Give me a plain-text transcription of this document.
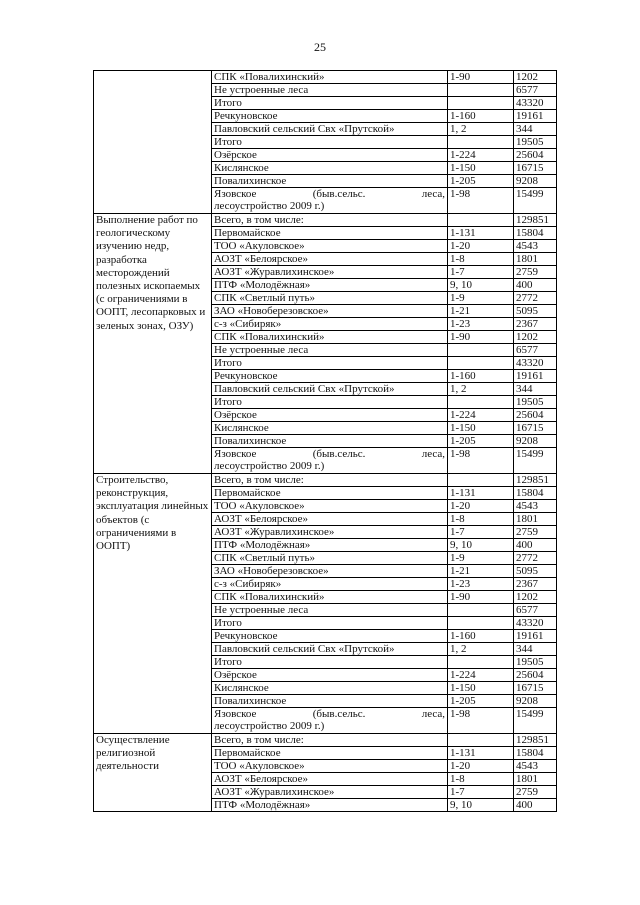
25
	СПК «Повалихинский»	1-90	1202
	Не устроенные леса		6577
	Итого		43320
	Речкуновское	1-160	19161
	Павловский сельский Свх «Прутской»	1, 2	344
	Итого		19505
	Озёрское	1-224	25604
	Кислянское	1-150	16715
	Повалихинское	1-205	9208

	Язовское (быв.сельс. леса,
лесоустройство 2009 г.)	1-98	15499
Выполнение работ по геологическому изучению недр, разработка месторождений полезных ископаемых (с ограничениями в ООПТ, лесопарковых и зеленых зонах, ОЗУ)	Всего, в том числе:		129851
	Первомайское	1-131	15804
	ТОО «Акуловское»	1-20	4543
	АОЗТ «Белоярское»	1-8	1801
	АОЗТ «Журавлихинское»	1-7	2759
	ПТФ «Молодёжная»	9, 10	400
	СПК «Светлый путь»	1-9	2772
	ЗАО «Новоберезовское»	1-21	5095
	с-з «Сибиряк»	1-23	2367
	СПК «Повалихинский»	1-90	1202
	Не устроенные леса		6577
	Итого		43320
	Речкуновское	1-160	19161
	Павловский сельский Свх «Прутской»	1, 2	344
	Итого		19505
	Озёрское	1-224	25604
	Кислянское	1-150	16715
	Повалихинское	1-205	9208

	Язовское (быв.сельс. леса,
лесоустройство 2009 г.)	1-98	15499
Строительство, реконструкция, эксплуатация линейных объектов (с ограничениями в ООПТ)	Всего, в том числе:		129851
	Первомайское	1-131	15804
	ТОО «Акуловское»	1-20	4543
	АОЗТ «Белоярское»	1-8	1801
	АОЗТ «Журавлихинское»	1-7	2759
	ПТФ «Молодёжная»	9, 10	400
	СПК «Светлый путь»	1-9	2772
	ЗАО «Новоберезовское»	1-21	5095
	с-з «Сибиряк»	1-23	2367
	СПК «Повалихинский»	1-90	1202
	Не устроенные леса		6577
	Итого		43320
	Речкуновское	1-160	19161
	Павловский сельский Свх «Прутской»	1, 2	344
	Итого		19505
	Озёрское	1-224	25604
	Кислянское	1-150	16715
	Повалихинское	1-205	9208

	Язовское (быв.сельс. леса,
лесоустройство 2009 г.)	1-98	15499
Осуществление религиозной деятельности	Всего, в том числе:		129851
	Первомайское	1-131	15804
	ТОО «Акуловское»	1-20	4543
	АОЗТ «Белоярское»	1-8	1801
	АОЗТ «Журавлихинское»	1-7	2759
	ПТФ «Молодёжная»	9, 10	400
